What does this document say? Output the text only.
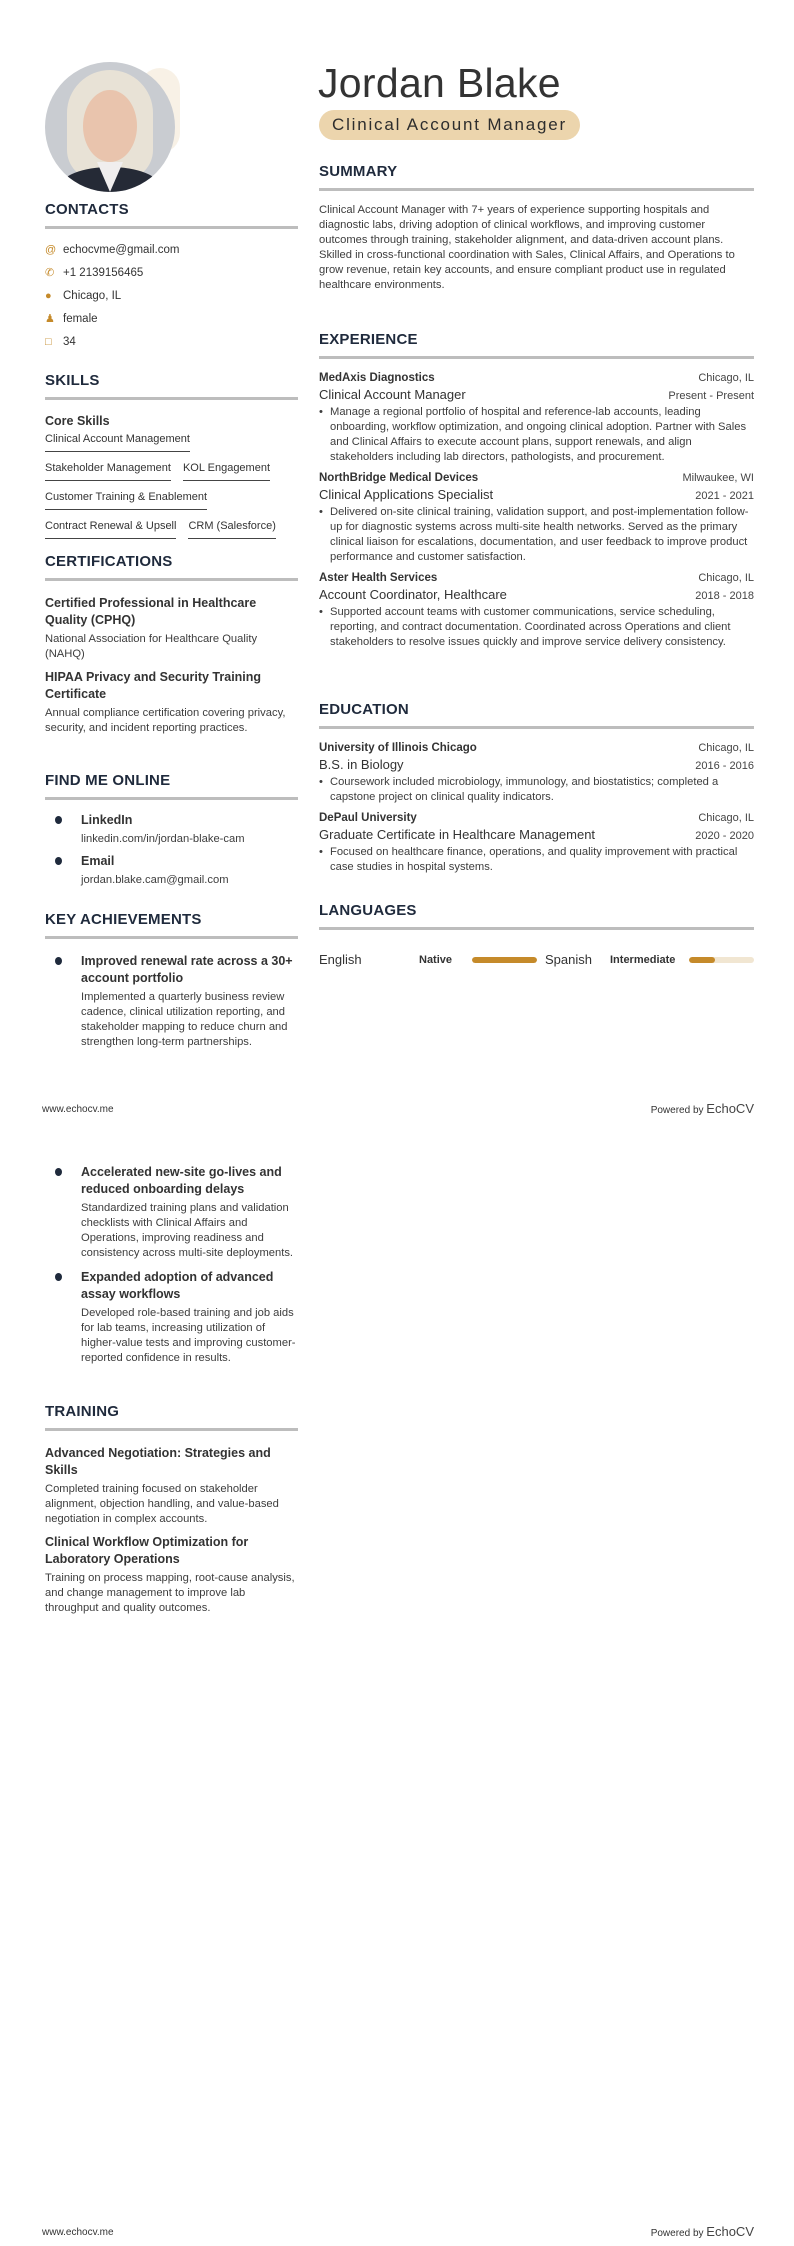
Jordan Blake
Clinical Account Manager
CONTACTS
@ echocvme@gmail.com
✆ +1 2139156465
● Chicago, IL
♟ female
□ 34
SKILLS
Core Skills
Clinical Account Management
Stakeholder Management KOL Engagement
Customer Training & Enablement
Contract Renewal & Upsell CRM (Salesforce)
CERTIFICATIONS
Certified Professional in Healthcare Quality (CPHQ)
National Association for Healthcare Quality (NAHQ)
HIPAA Privacy and Security Training Certificate
Annual compliance certification covering privacy, security, and incident reporting practices.
FIND ME ONLINE
LinkedIn
linkedin.com/in/jordan-blake-cam
Email
jordan.blake.cam@gmail.com
KEY ACHIEVEMENTS
Improved renewal rate across a 30+ account portfolio
Implemented a quarterly business review cadence, clinical utilization reporting, and stakeholder mapping to reduce churn and strengthen long-term partnerships.
www.echocv.me	Powered by EchoCV
Accelerated new-site go-lives and reduced onboarding delays
Standardized training plans and validation checklists with Clinical Affairs and Operations, improving readiness and consistency across multi-site deployments.
Expanded adoption of advanced assay workflows
Developed role-based training and job aids for lab teams, increasing utilization of higher-value tests and improving customer-reported confidence in results.
TRAINING
Advanced Negotiation: Strategies and Skills
Completed training focused on stakeholder alignment, objection handling, and value-based negotiation in complex accounts.
Clinical Workflow Optimization for Laboratory Operations
Training on process mapping, root-cause analysis, and change management to improve lab throughput and quality outcomes.
SUMMARY
Clinical Account Manager with 7+ years of experience supporting hospitals and diagnostic labs, driving adoption of clinical workflows, and improving customer outcomes through training, stakeholder alignment, and data-driven account plans.
Skilled in cross-functional coordination with Sales, Clinical Affairs, and Operations to grow revenue, retain key accounts, and ensure compliant product use in regulated healthcare environments.
EXPERIENCE
MedAxis Diagnostics	Chicago, IL
Clinical Account Manager	Present - Present
• Manage a regional portfolio of hospital and reference-lab accounts, leading onboarding, workflow optimization, and ongoing clinical adoption. Partner with Sales and Clinical Affairs to execute account plans, support renewals, and align stakeholders including lab directors, pathologists, and procurement.
NorthBridge Medical Devices	Milwaukee, WI
Clinical Applications Specialist	2021 - 2021
• Delivered on-site clinical training, validation support, and post-implementation follow-up for diagnostic systems across multi-site health networks. Served as the primary clinical liaison for escalations, documentation, and user feedback to improve product performance and customer satisfaction.
Aster Health Services	Chicago, IL
Account Coordinator, Healthcare	2018 - 2018
• Supported account teams with customer communications, service scheduling, reporting, and contract documentation. Coordinated across Operations and client stakeholders to resolve issues quickly and improve service delivery consistency.
EDUCATION
University of Illinois Chicago	Chicago, IL
B.S. in Biology	2016 - 2016
• Coursework included microbiology, immunology, and biostatistics; completed a capstone project on clinical quality indicators.
DePaul University	Chicago, IL
Graduate Certificate in Healthcare Management	2020 - 2020
• Focused on healthcare finance, operations, and quality improvement with practical case studies in hospital systems.
LANGUAGES
English	Native	Spanish	Intermediate
www.echocv.me	Powered by EchoCV
